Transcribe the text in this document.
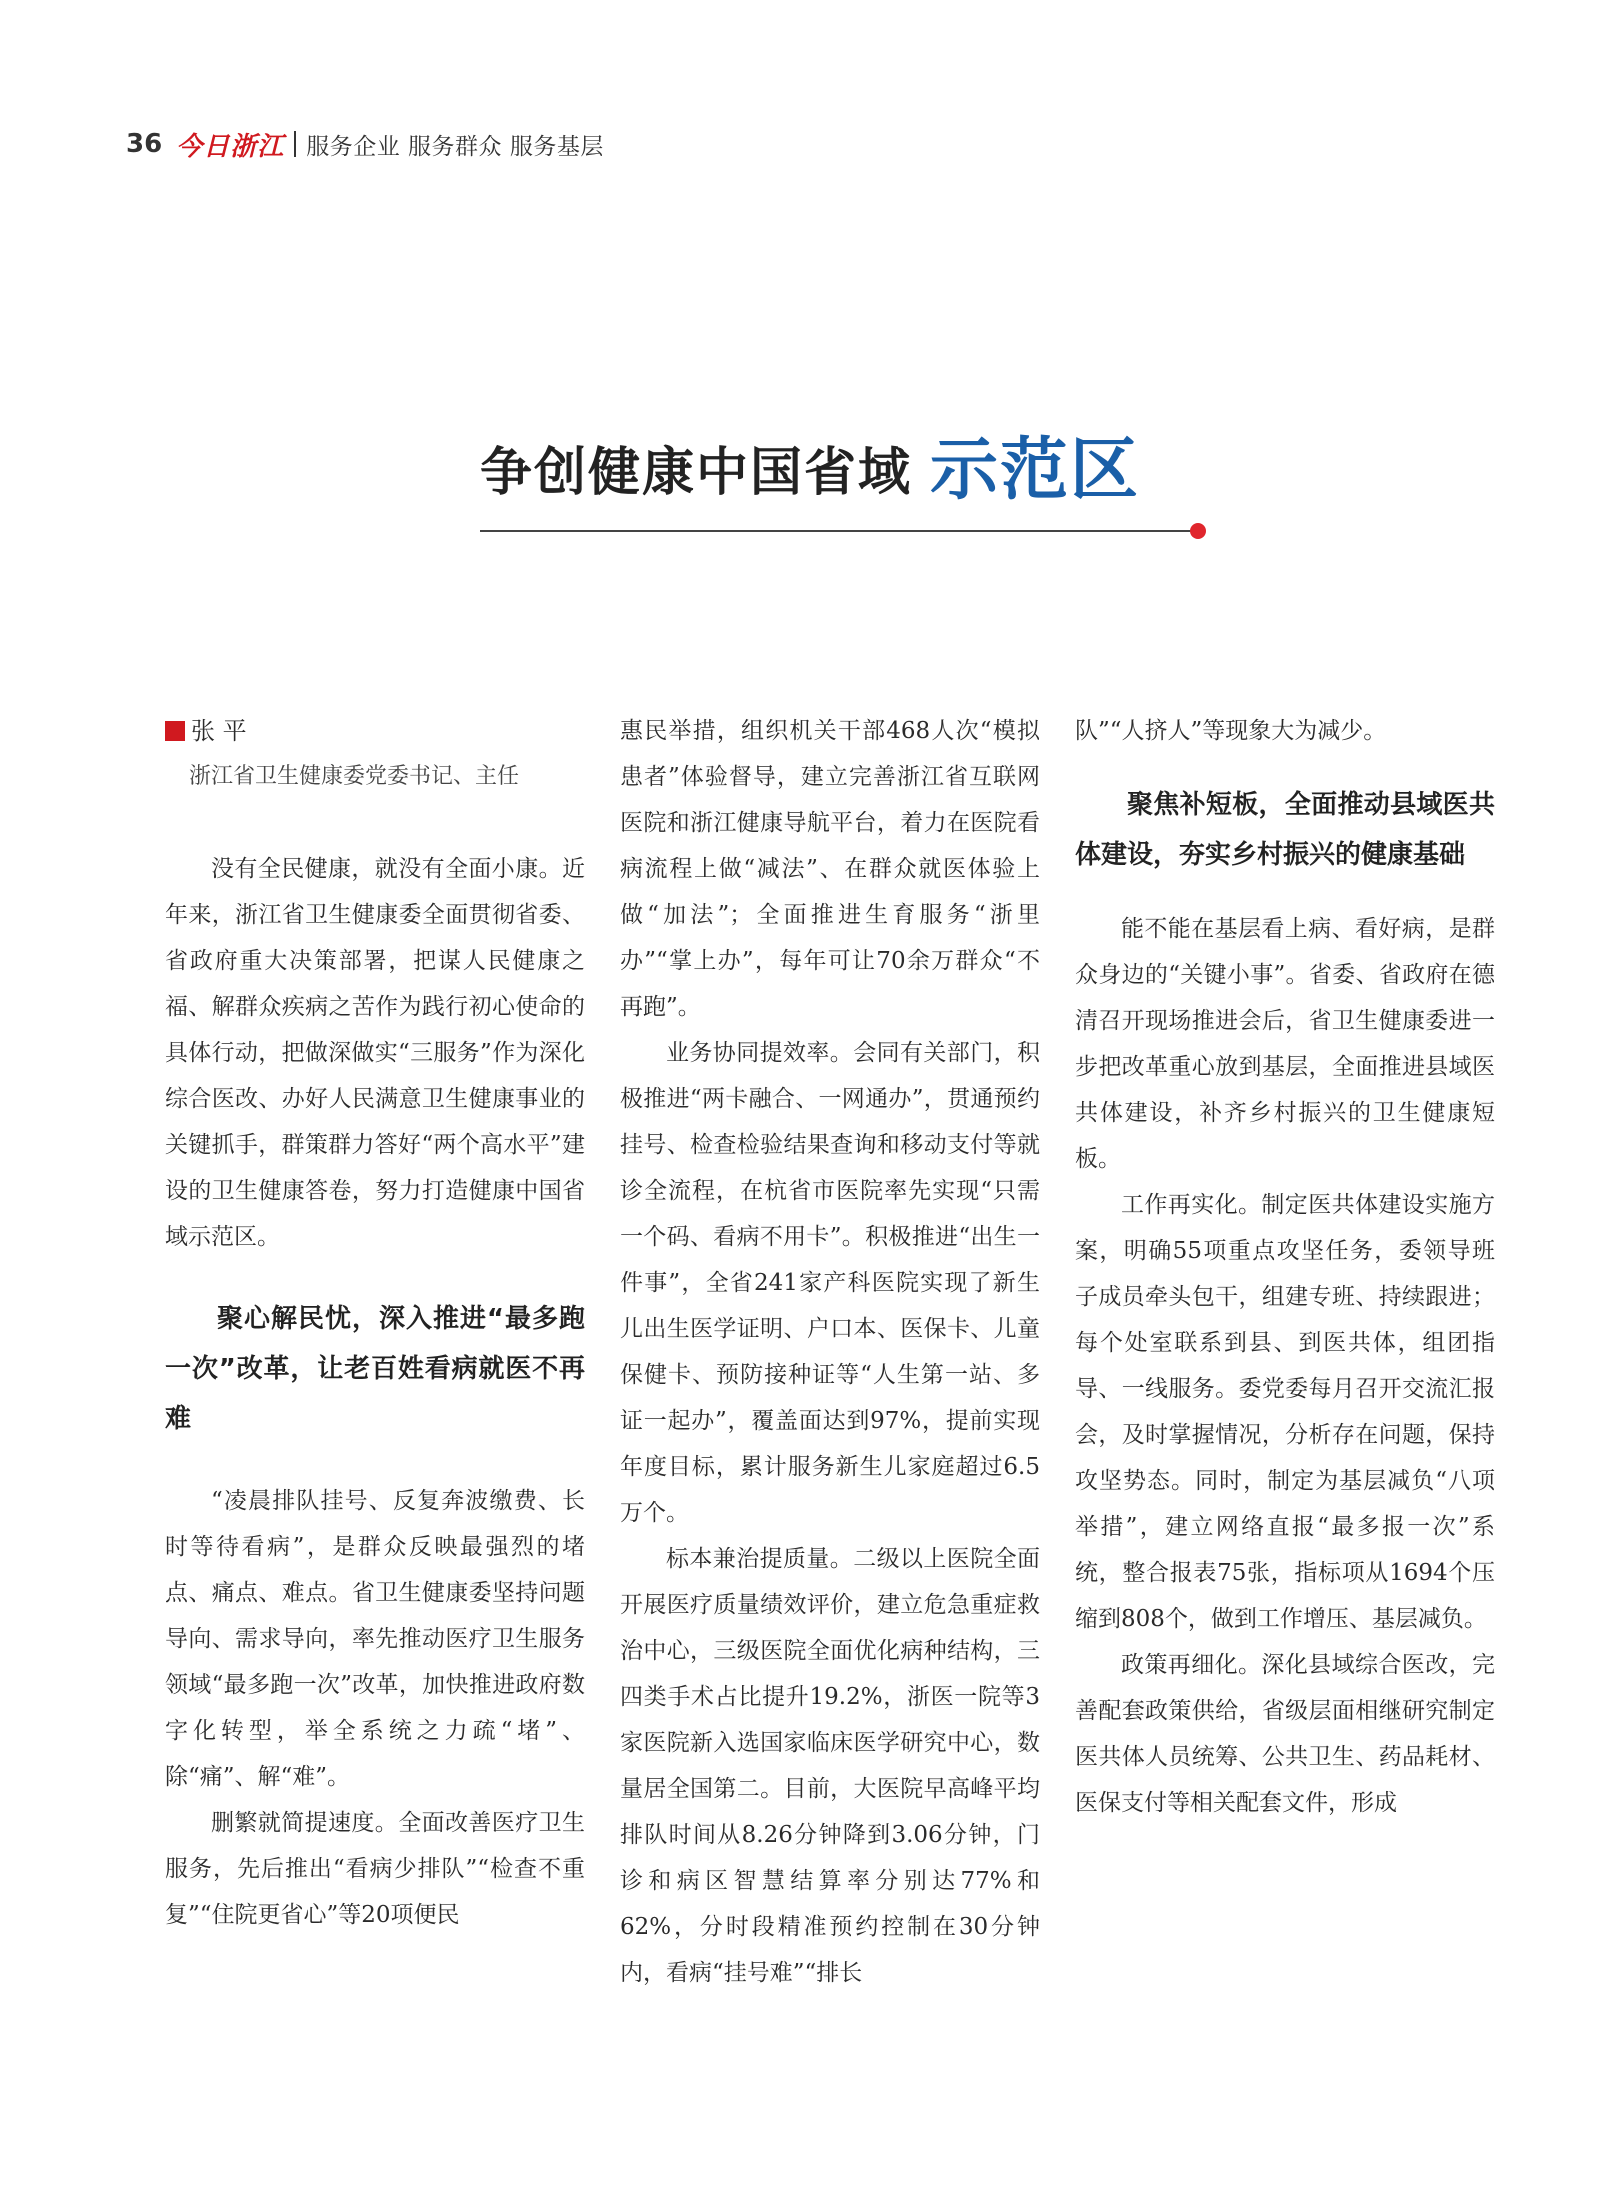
36 今日浙江 服务企业 服务群众 服务基层
争创健康中国省域 示范区
张 平
浙江省卫生健康委党委书记、主任

没有全民健康，就没有全面小康。近年来，浙江省卫生健康委全面贯彻省委、省政府重大决策部署，把谋人民健康之福、解群众疾病之苦作为践行初心使命的具体行动，把做深做实“三服务”作为深化综合医改、办好人民满意卫生健康事业的关键抓手，群策群力答好“两个高水平”建设的卫生健康答卷，努力打造健康中国省域示范区。

聚心解民忧，深入推进“最多跑一次”改革，让老百姓看病就医不再难

“凌晨排队挂号、反复奔波缴费、长时等待看病”，是群众反映最强烈的堵点、痛点、难点。省卫生健康委坚持问题导向、需求导向，率先推动医疗卫生服务领域“最多跑一次”改革，加快推进政府数字化转型，举全系统之力疏“堵”、除“痛”、解“难”。

删繁就简提速度。全面改善医疗卫生服务，先后推出“看病少排队”“检查不重复”“住院更省心”等20项便民

惠民举措，组织机关干部468人次“模拟患者”体验督导，建立完善浙江省互联网医院和浙江健康导航平台，着力在医院看病流程上做“减法”、在群众就医体验上做“加法”；全面推进生育服务“浙里办”“掌上办”，每年可让70余万群众“不再跑”。

业务协同提效率。会同有关部门，积极推进“两卡融合、一网通办”，贯通预约挂号、检查检验结果查询和移动支付等就诊全流程，在杭省市医院率先实现“只需一个码、看病不用卡”。积极推进“出生一件事”，全省241家产科医院实现了新生儿出生医学证明、户口本、医保卡、儿童保健卡、预防接种证等“人生第一站、多证一起办”，覆盖面达到97%，提前实现年度目标，累计服务新生儿家庭超过6.5万个。

标本兼治提质量。二级以上医院全面开展医疗质量绩效评价，建立危急重症救治中心，三级医院全面优化病种结构，三四类手术占比提升19.2%，浙医一院等3家医院新入选国家临床医学研究中心，数量居全国第二。目前，大医院早高峰平均排队时间从8.26分钟降到3.06分钟，门诊和病区智慧结算率分别达77%和62%，分时段精准预约控制在30分钟内，看病“挂号难”“排长

队”“人挤人”等现象大为减少。

聚焦补短板，全面推动县域医共体建设，夯实乡村振兴的健康基础

能不能在基层看上病、看好病，是群众身边的“关键小事”。省委、省政府在德清召开现场推进会后，省卫生健康委进一步把改革重心放到基层，全面推进县域医共体建设，补齐乡村振兴的卫生健康短板。

工作再实化。制定医共体建设实施方案，明确55项重点攻坚任务，委领导班子成员牵头包干，组建专班、持续跟进；每个处室联系到县、到医共体，组团指导、一线服务。委党委每月召开交流汇报会，及时掌握情况，分析存在问题，保持攻坚势态。同时，制定为基层减负“八项举措”，建立网络直报“最多报一次”系统，整合报表75张，指标项从1694个压缩到808个，做到工作增压、基层减负。

政策再细化。深化县域综合医改，完善配套政策供给，省级层面相继研究制定医共体人员统筹、公共卫生、药品耗材、医保支付等相关配套文件，形成
